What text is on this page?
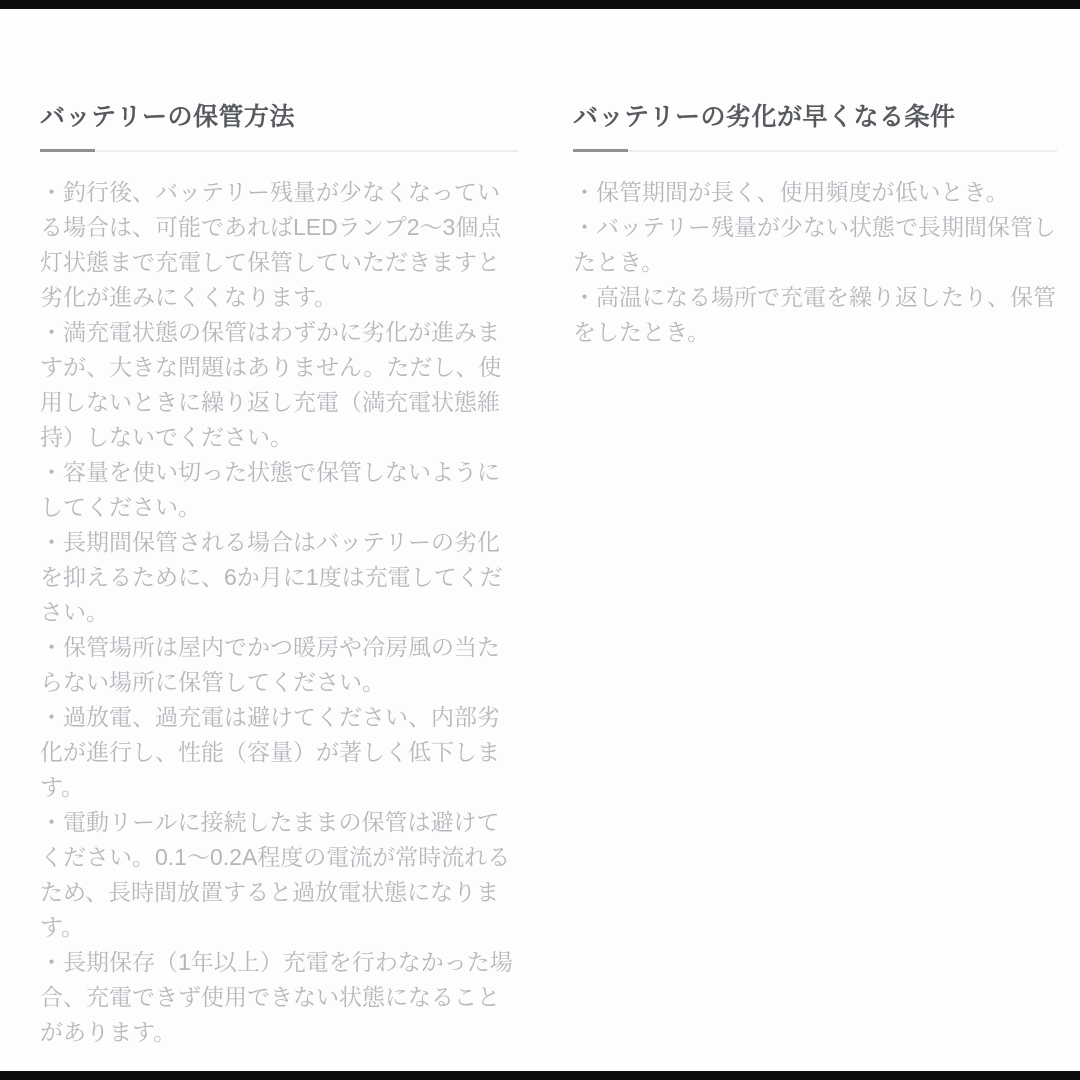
バッテリーの保管方法

・釣行後、バッテリー残量が少なくなっている場合は、可能であればLEDランプ2〜3個点灯状態まで充電して保管していただきますと劣化が進みにくくなります。

・満充電状態の保管はわずかに劣化が進みますが、大きな問題はありません。ただし、使用しないときに繰り返し充電（満充電状態維持）しないでください。

・容量を使い切った状態で保管しないようにしてください。

・長期間保管される場合はバッテリーの劣化を抑えるために、6か月に1度は充電してください。

・保管場所は屋内でかつ暖房や冷房風の当たらない場所に保管してください。

・過放電、過充電は避けてください、内部劣化が進行し、性能（容量）が著しく低下します。

・電動リールに接続したままの保管は避けてください。0.1〜0.2A程度の電流が常時流れるため、長時間放置すると過放電状態になります。

・長期保存（1年以上）充電を行わなかった場合、充電できず使用できない状態になることがあります。

バッテリーの劣化が早くなる条件

・保管期間が長く、使用頻度が低いとき。

・バッテリー残量が少ない状態で長期間保管したとき。

・高温になる場所で充電を繰り返したり、保管をしたとき。
